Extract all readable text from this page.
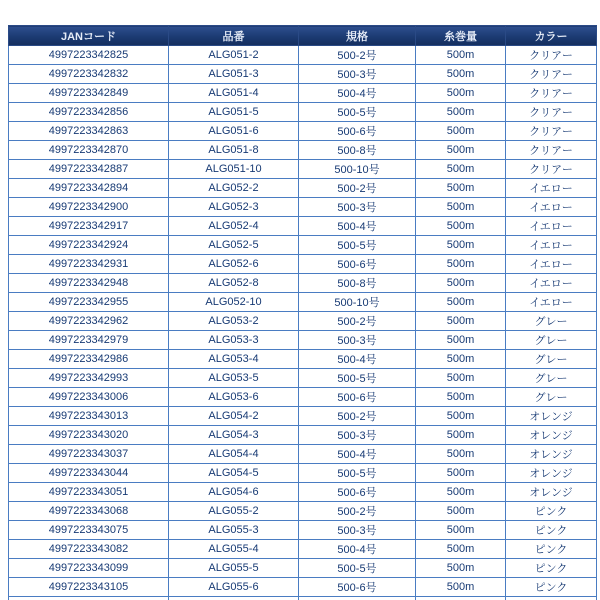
JANコード	品番	規格	糸巻量	カラー
4997223342825	ALG051-2	500-2号	500m	クリアー
4997223342832	ALG051-3	500-3号	500m	クリアー
4997223342849	ALG051-4	500-4号	500m	クリアー
4997223342856	ALG051-5	500-5号	500m	クリアー
4997223342863	ALG051-6	500-6号	500m	クリアー
4997223342870	ALG051-8	500-8号	500m	クリアー
4997223342887	ALG051-10	500-10号	500m	クリアー
4997223342894	ALG052-2	500-2号	500m	イエロー
4997223342900	ALG052-3	500-3号	500m	イエロー
4997223342917	ALG052-4	500-4号	500m	イエロー
4997223342924	ALG052-5	500-5号	500m	イエロー
4997223342931	ALG052-6	500-6号	500m	イエロー
4997223342948	ALG052-8	500-8号	500m	イエロー
4997223342955	ALG052-10	500-10号	500m	イエロー
4997223342962	ALG053-2	500-2号	500m	グレー
4997223342979	ALG053-3	500-3号	500m	グレー
4997223342986	ALG053-4	500-4号	500m	グレー
4997223342993	ALG053-5	500-5号	500m	グレー
4997223343006	ALG053-6	500-6号	500m	グレー
4997223343013	ALG054-2	500-2号	500m	オレンジ
4997223343020	ALG054-3	500-3号	500m	オレンジ
4997223343037	ALG054-4	500-4号	500m	オレンジ
4997223343044	ALG054-5	500-5号	500m	オレンジ
4997223343051	ALG054-6	500-6号	500m	オレンジ
4997223343068	ALG055-2	500-2号	500m	ピンク
4997223343075	ALG055-3	500-3号	500m	ピンク
4997223343082	ALG055-4	500-4号	500m	ピンク
4997223343099	ALG055-5	500-5号	500m	ピンク
4997223343105	ALG055-6	500-6号	500m	ピンク
